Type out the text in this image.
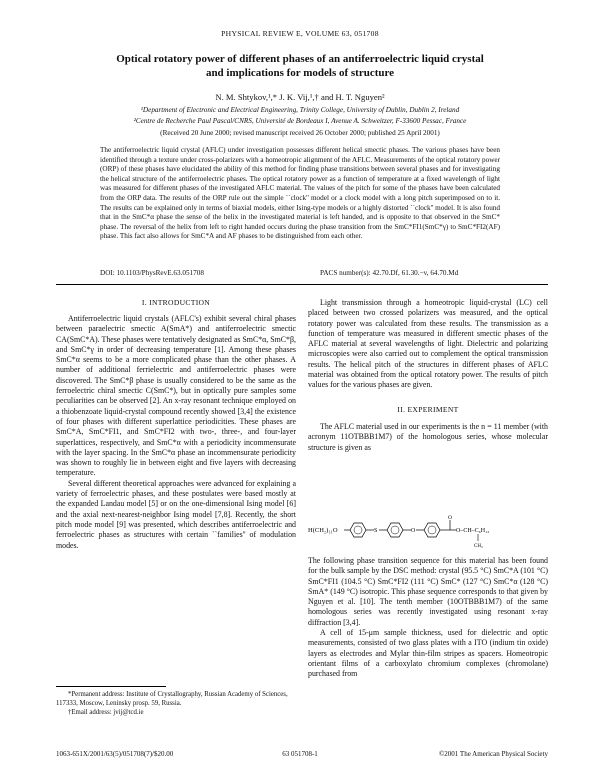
PHYSICAL REVIEW E, VOLUME 63, 051708
Optical rotatory power of different phases of an antiferroelectric liquid crystal
and implications for models of structure
N. M. Shtykov,¹,* J. K. Vij,¹,† and H. T. Nguyen²
¹Department of Electronic and Electrical Engineering, Trinity College, University of Dublin, Dublin 2, Ireland
²Centre de Recherche Paul Pascal/CNRS, Université de Bordeaux I, Avenue A. Schweitzer, F-33600 Pessac, France
(Received 20 June 2000; revised manuscript received 26 October 2000; published 25 April 2001)
The antiferroelectric liquid crystal (AFLC) under investigation possesses different helical smectic phases. The various phases have been identified through a texture under cross-polarizers with a homeotropic alignment of the AFLC. Measurements of the optical rotatory power (ORP) of these phases have elucidated the ability of this method for finding phase transitions between several phases and for investigating the helical structure of the antiferroelectric phases. The optical rotatory power as a function of temperature at a fixed wavelength of light was measured for different phases of the investigated AFLC material. The values of the pitch for some of the phases have been calculated from the ORP data. The results of the ORP rule out the simple ``clock'' model or a clock model with a long pitch superimposed on to it. The results can be explained only in terms of biaxial models, either Ising-type models or a highly distorted ``clock'' model. It is also found that in the SmC*α phase the sense of the helix in the investigated material is left handed, and is opposite to that observed in the SmC* phase. The reversal of the helix from left to right handed occurs during the phase transition from the SmC*FI1(SmC*γ) to SmC*FI2(AF) phase. This fact also allows for SmC*A and AF phases to be distinguished from each other.
DOI: 10.1103/PhysRevE.63.051708	PACS number(s): 42.70.Df, 61.30.−v, 64.70.Md
I. INTRODUCTION

Antiferroelectric liquid crystals (AFLC's) exhibit several chiral phases between paraelectric smectic A(SmA*) and antiferroelectric smectic CA(SmC*A). These phases were tentatively designated as SmC*α, SmC*β, and SmC*γ in order of decreasing temperature [1]. Among these phases SmC*α seems to be a more complicated phase than the other phases. A number of additional ferrielectric and antiferroelectric phases were discovered. The SmC*β phase is usually considered to be the same as the ferroelectric chiral smectic C(SmC*), but in optically pure samples some peculiarities can be observed [2]. An x-ray resonant technique employed on a thiobenzoate liquid-crystal compound recently showed [3,4] the existence of four phases with different superlattice periodicities. These phases are SmC*A, SmC*FI1, and SmC*FI2 with two-, three-, and four-layer superlattices, respectively, and SmC*α with a periodicity incommensurate with the layer spacing. In the SmC*α phase an incommensurate periodicity was shown to roughly lie in between eight and five layers with decreasing temperature.

Several different theoretical approaches were advanced for explaining a variety of ferroelectric phases, and these postulates were based mostly at the expanded Landau model [5] or on the one-dimensional Ising model [6] and the axial next-nearest-neighbor Ising model [7,8]. Recently, the short pitch mode model [9] was presented, which describes antiferroelectric and ferroelectric phases as structures with certain ``families'' of modulation modes.

*Permanent address: Institute of Crystallography, Russian Academy of Sciences, 117333, Moscow, Leninsky prosp. 59, Russia.

†Email address: jvij@tcd.ie

Light transmission through a homeotropic liquid-crystal (LC) cell placed between two crossed polarizers was measured, and the optical rotatory power was calculated from these results. The transmission as a function of temperature was measured in different smectic phases of the AFLC material at several wavelengths of light. Dielectric and polarizing microscopies were also carried out to complement the optical transmission results. The helical pitch of the structures in different phases of AFLC material was obtained from the optical rotatory power. The results of pitch values for the various phases are given.

II. EXPERIMENT

The AFLC material used in our experiments is the n = 11 member (with acronym 11OTBBB1M7) of the homologous series, whose molecular structure is given as

H(CH₂)₁₁O	S	O
O
O–CH–C₆H₁₃
CH₃

The following phase transition sequence for this material has been found for the bulk sample by the DSC method: crystal (95.5 °C) SmC*A (101 °C) SmC*FI1 (104.5 °C) SmC*FI2 (111 °C) SmC* (127 °C) SmC*α (128 °C) SmA* (149 °C) isotropic. This phase sequence corresponds to that given by Nguyen et al. [10]. The tenth member (10OTBBB1M7) of the same homologous series was recently investigated using resonant x-ray diffraction [3,4].

A cell of 15-μm sample thickness, used for dielectric and optic measurements, consisted of two glass plates with a ITO (indium tin oxide) layers as electrodes and Mylar thin-film stripes as spacers. Homeotropic orientant films of a carboxylato chromium complexes (chromolane) purchased from

1063-651X/2001/63(5)/051708(7)/$20.00	63 051708-1	©2001 The American Physical Society
